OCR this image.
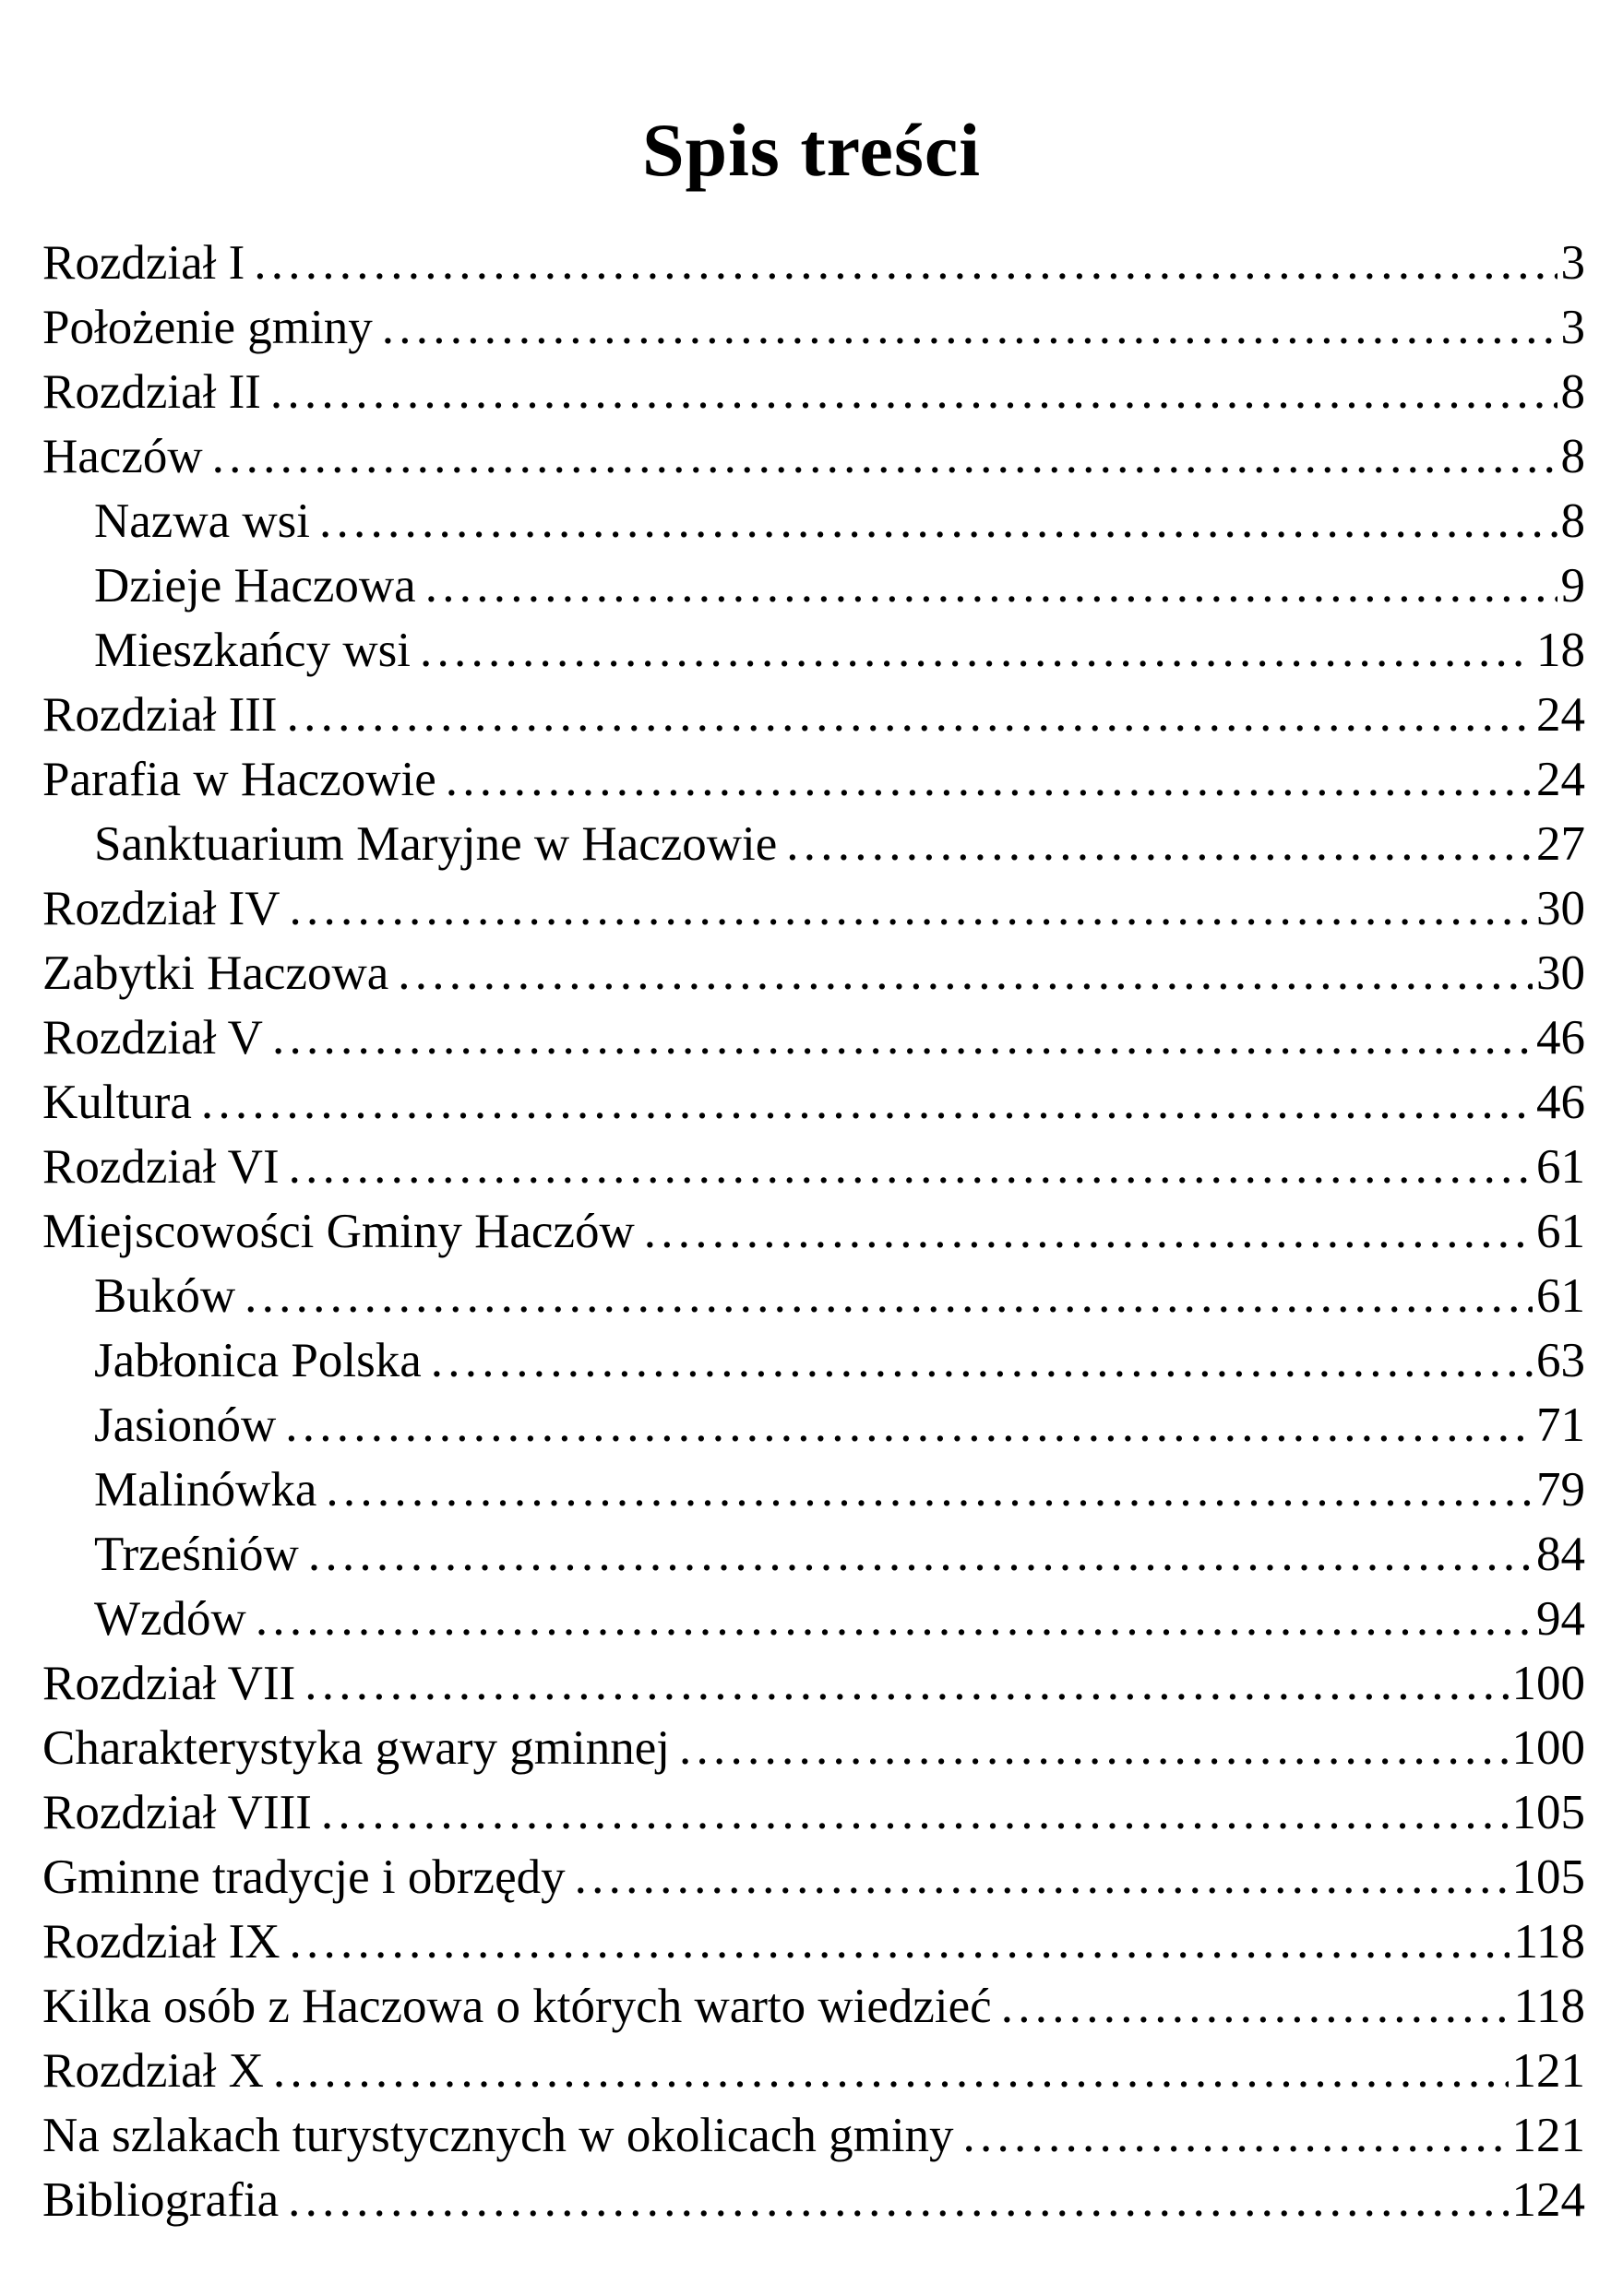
Spis treści
Rozdział I . . .	3
Położenie gminy . . .	3
Rozdział II . . .	8
Haczów . . .	8
Nazwa wsi . . .	8
Dzieje Haczowa . . .	9
Mieszkańcy wsi . . .	18
Rozdział III . . .	24
Parafia w Haczowie . . .	24
Sanktuarium Maryjne w Haczowie . . .	27
Rozdział IV . . .	30
Zabytki Haczowa . . .	30
Rozdział V . . .	46
Kultura . . .	46
Rozdział VI . . .	61
Miejscowości Gminy Haczów . . .	61
Buków . . .	61
Jabłonica Polska . . .	63
Jasionów . . .	71
Malinówka . . .	79
Trześniów . . .	84
Wzdów . . .	94
Rozdział VII . . .	100
Charakterystyka gwary gminnej . . .	100
Rozdział VIII . . .	105
Gminne tradycje i obrzędy . . .	105
Rozdział IX . . .	118
Kilka osób z Haczowa o których warto wiedzieć . . .	118
Rozdział X . . .	121
Na szlakach turystycznych w okolicach gminy . . .	121
Bibliografia . . .	124
